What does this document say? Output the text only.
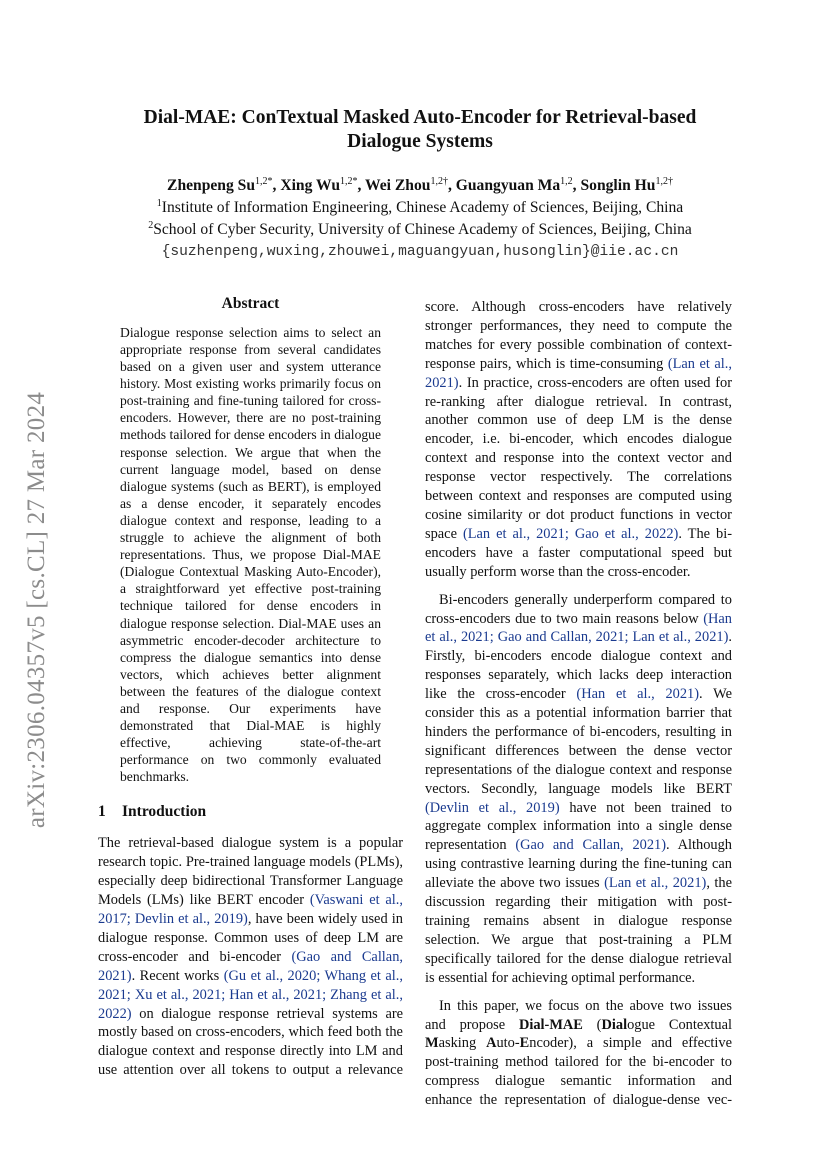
arXiv:2306.04357v5 [cs.CL] 27 Mar 2024
Dial-MAE: ConTextual Masked Auto-Encoder for Retrieval-based
Dialogue Systems
Zhenpeng $Su^{1,2*}$, Xing $Wu^{1,2*}$, Wei Zhou$^{1,2\dagger}$, Guangyuan Ma$^{1,2}$, Songlin $Hu^{1,2\dagger}$
$^1$Institute of Information Engineering, Chinese Academy of Sciences, Beijing, China
$^2$School of Cyber Security, University of Chinese Academy of Sciences, Beijing, China
{suzhenpeng,wuxing,zhouwei,maguangyuan,husonglin}@iie.ac.cn
Abstract

Dialogue response selection aims to select an appropriate response from several candidates based on a given user and system utterance history. Most existing works primarily focus on post-training and fine-tuning tailored for cross-encoders. However, there are no post-training methods tailored for dense encoders in dialogue response selection. We argue that when the current language model, based on dense dialogue systems (such as BERT), is employed as a dense encoder, it separately encodes dialogue context and response, leading to a struggle to achieve the alignment of both representations. Thus, we propose Dial-MAE (Dialogue Contextual Masking Auto-Encoder), a straightforward yet effective post-training technique tailored for dense encoders in dialogue response selection. Dial-MAE uses an asymmetric encoder-decoder architecture to compress the dialogue semantics into dense vectors, which achieves better alignment between the features of the dialogue context and response. Our experiments have demonstrated that Dial-MAE is highly effective, achieving state-of-the-art performance on two commonly evaluated benchmarks.

1 Introduction

The retrieval-based dialogue system is a popular research topic. Pre-trained language models (PLMs), especially deep bidirectional Transformer Language Models (LMs) like BERT encoder (Vaswani et al., 2017; Devlin et al., 2019), have been widely used in dialogue response. Common uses of deep LM are cross-encoder and bi-encoder (Gao and Callan, 2021). Recent works (Gu et al., 2020; Whang et al., 2021; Xu et al., 2021; Han et al., 2021; Zhang et al., 2022) on dialogue response retrieval systems are mostly based on cross-encoders, which feed both the dialogue context and response directly into LM and use attention over all tokens to output a relevance

score. Although cross-encoders have relatively stronger performances, they need to compute the matches for every possible combination of context-response pairs, which is time-consuming (Lan et al., 2021). In practice, cross-encoders are often used for re-ranking after dialogue retrieval. In contrast, another common use of deep LM is the dense encoder, i.e. bi-encoder, which encodes dialogue context and response into the context vector and response vector respectively. The correlations between context and responses are computed using cosine similarity or dot product functions in vector space (Lan et al., 2021; Gao et al., 2022). The bi-encoders have a faster computational speed but usually perform worse than the cross-encoder.

Bi-encoders generally underperform compared to cross-encoders due to two main reasons below (Han et al., 2021; Gao and Callan, 2021; Lan et al., 2021). Firstly, bi-encoders encode dialogue context and responses separately, which lacks deep interaction like the cross-encoder (Han et al., 2021). We consider this as a potential information barrier that hinders the performance of bi-encoders, resulting in significant differences between the dense vector representations of the dialogue context and response vectors. Secondly, language models like BERT (Devlin et al., 2019) have not been trained to aggregate complex information into a single dense representation (Gao and Callan, 2021). Although using contrastive learning during the fine-tuning can alleviate the above two issues (Lan et al., 2021), the discussion regarding their mitigation with post-training remains absent in dialogue response selection. We argue that post-training a PLM specifically tailored for the dense dialogue retrieval is essential for achieving optimal performance.

In this paper, we focus on the above two issues and propose Dial-MAE (Dialogue Contextual Masking Auto-Encoder), a simple and effective post-training method tailored for the bi-encoder to compress dialogue semantic information and enhance the representation of dialogue-dense vec-
